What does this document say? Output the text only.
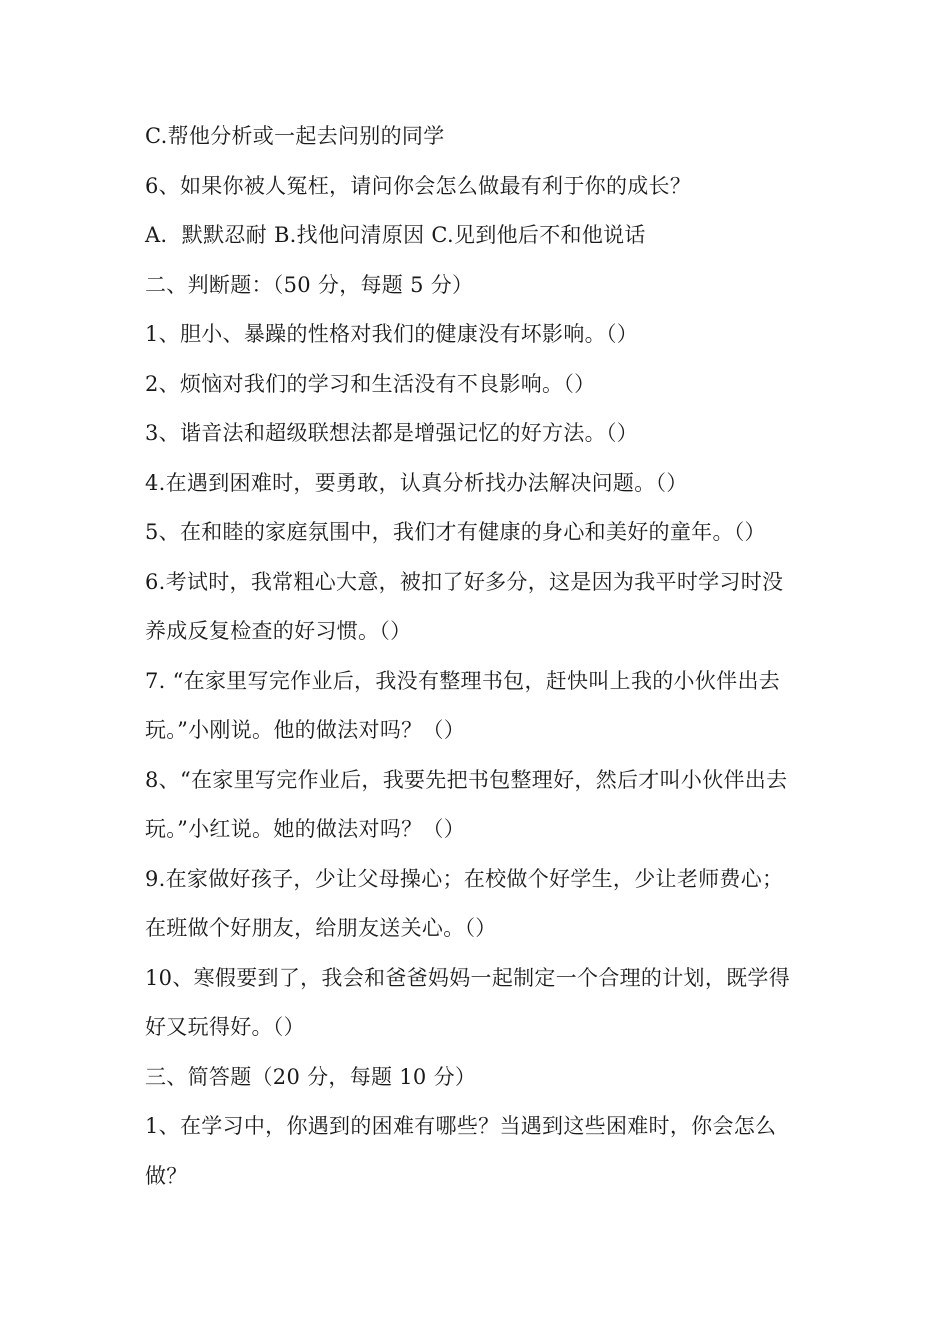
C.帮他分析或一起去问别的同学
6、如果你被人冤枉，请问你会怎么做最有利于你的成长？
A．默默忍耐 B.找他问清原因 C.见到他后不和他说话
二、判断题：（50 分，每题 5 分）
1、胆小、暴躁的性格对我们的健康没有坏影响。（）
2、烦恼对我们的学习和生活没有不良影响。（）
3、谐音法和超级联想法都是增强记忆的好方法。（）
4.在遇到困难时，要勇敢，认真分析找办法解决问题。（）
5、在和睦的家庭氛围中，我们才有健康的身心和美好的童年。（）
6.考试时，我常粗心大意，被扣了好多分，这是因为我平时学习时没
养成反复检查的好习惯。（）
7. “在家里写完作业后，我没有整理书包，赶快叫上我的小伙伴出去
玩。”小刚说。他的做法对吗？（）
8、“在家里写完作业后，我要先把书包整理好，然后才叫小伙伴出去
玩。”小红说。她的做法对吗？（）
9.在家做好孩子，少让父母操心；在校做个好学生，少让老师费心；
在班做个好朋友，给朋友送关心。（）
10、寒假要到了，我会和爸爸妈妈一起制定一个合理的计划，既学得
好又玩得好。（）
三、简答题（20 分，每题 10 分）
1、在学习中，你遇到的困难有哪些？当遇到这些困难时，你会怎么
做？
